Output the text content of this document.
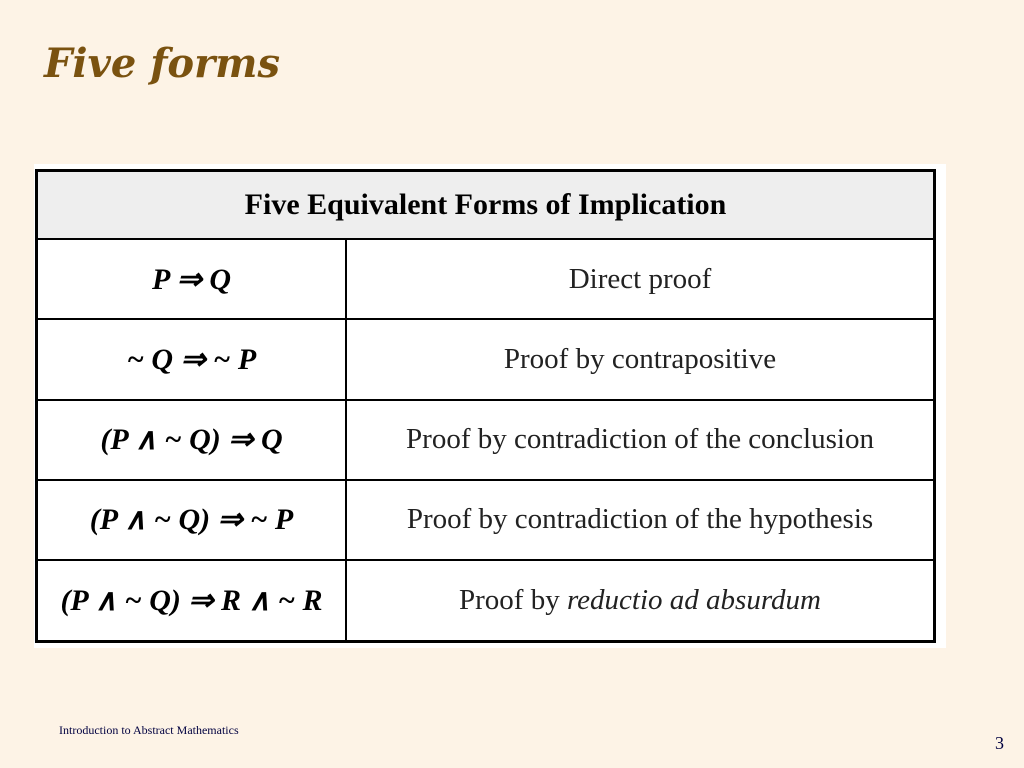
Five forms
Five Equivalent Forms of Implication	
P ⇒ Q	Direct proof
~ Q ⇒ ~ P	Proof by contrapositive
(P ∧ ~ Q) ⇒ Q	Proof by contradiction of the conclusion
(P ∧ ~ Q) ⇒ ~ P	Proof by contradiction of the hypothesis
(P ∧ ~ Q) ⇒ R ∧ ~ R	Proof by reductio ad absurdum
Introduction to Abstract Mathematics
3
